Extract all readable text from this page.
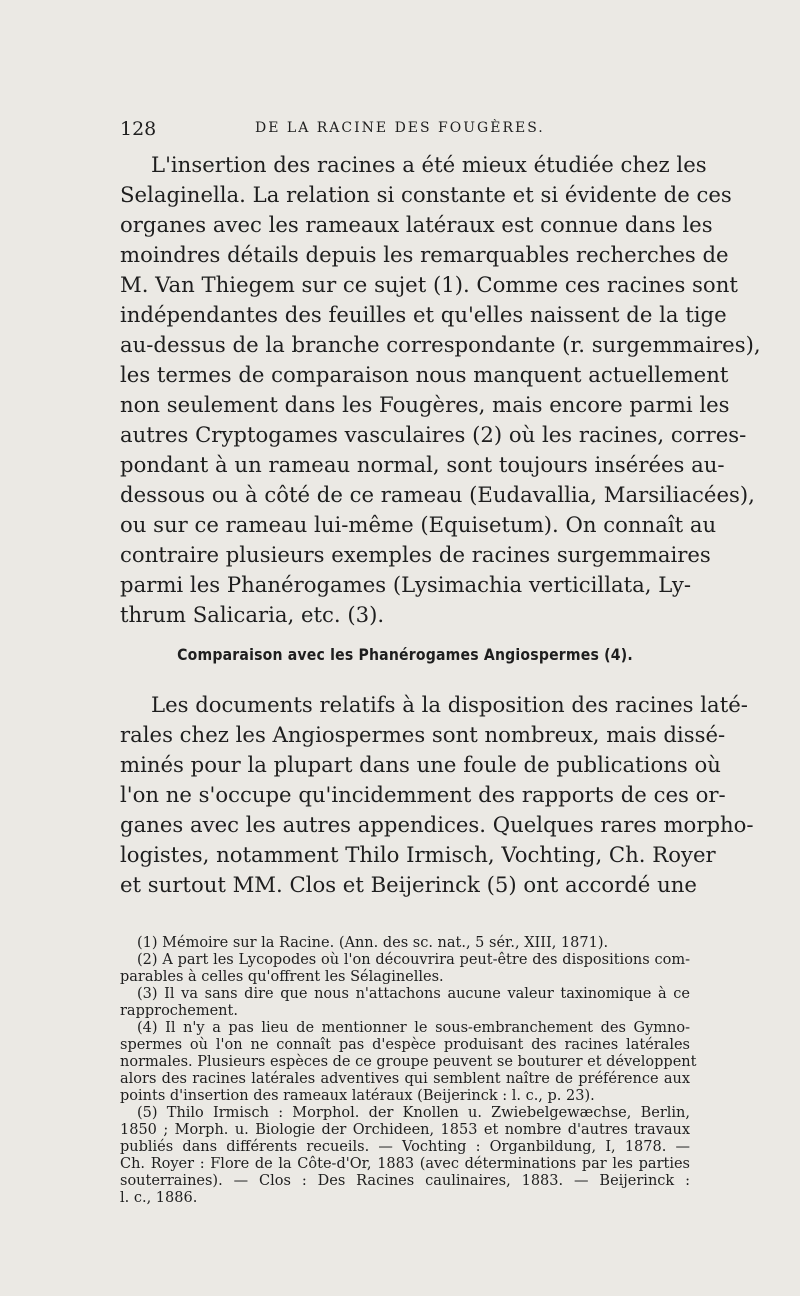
128	DE LA RACINE DES FOUGÈRES.
L'insertion des racines a été mieux étudiée chez les
Selaginella. La relation si constante et si évidente de ces
organes avec les rameaux latéraux est connue dans les
moindres détails depuis les remarquables recherches de
M. Van Thiegem sur ce sujet (1). Comme ces racines sont
indépendantes des feuilles et qu'elles naissent de la tige
au-dessus de la branche correspondante (r. surgemmaires),
les termes de comparaison nous manquent actuellement
non seulement dans les Fougères, mais encore parmi les
autres Cryptogames vasculaires (2) où les racines, corres-
pondant à un rameau normal, sont toujours insérées au-
dessous ou à côté de ce rameau (Eudavallia, Marsiliacées),
ou sur ce rameau lui-même (Equisetum). On connaît au
contraire plusieurs exemples de racines surgemmaires
parmi les Phanérogames (Lysimachia verticillata, Ly-
thrum Salicaria, etc. (3).
Comparaison avec les Phanérogames Angiospermes (4).
Les documents relatifs à la disposition des racines laté-
rales chez les Angiospermes sont nombreux, mais dissé-
minés pour la plupart dans une foule de publications où
l'on ne s'occupe qu'incidemment des rapports de ces or-
ganes avec les autres appendices. Quelques rares morpho-
logistes, notamment Thilo Irmisch, Vochting, Ch. Royer
et surtout MM. Clos et Beijerinck (5) ont accordé une
(1) Mémoire sur la Racine. (Ann. des sc. nat., 5 sér., XIII, 1871).
(2) A part les Lycopodes où l'on découvrira peut-être des dispositions com-
parables à celles qu'offrent les Sélaginelles.
(3) Il va sans dire que nous n'attachons aucune valeur taxinomique à ce
rapprochement.
(4) Il n'y a pas lieu de mentionner le sous-embranchement des Gymno-
spermes où l'on ne connaît pas d'espèce produisant des racines latérales
normales. Plusieurs espèces de ce groupe peuvent se bouturer et développent
alors des racines latérales adventives qui semblent naître de préférence aux
points d'insertion des rameaux latéraux (Beijerinck : l. c., p. 23).
(5) Thilo Irmisch : Morphol. der Knollen u. Zwiebelgewæchse, Berlin,
1850 ; Morph. u. Biologie der Orchideen, 1853 et nombre d'autres travaux
publiés dans différents recueils. — Vochting : Organbildung, I, 1878. —
Ch. Royer : Flore de la Côte-d'Or, 1883 (avec déterminations par les parties
souterraines). — Clos : Des Racines caulinaires, 1883. — Beijerinck :
l. c., 1886.
